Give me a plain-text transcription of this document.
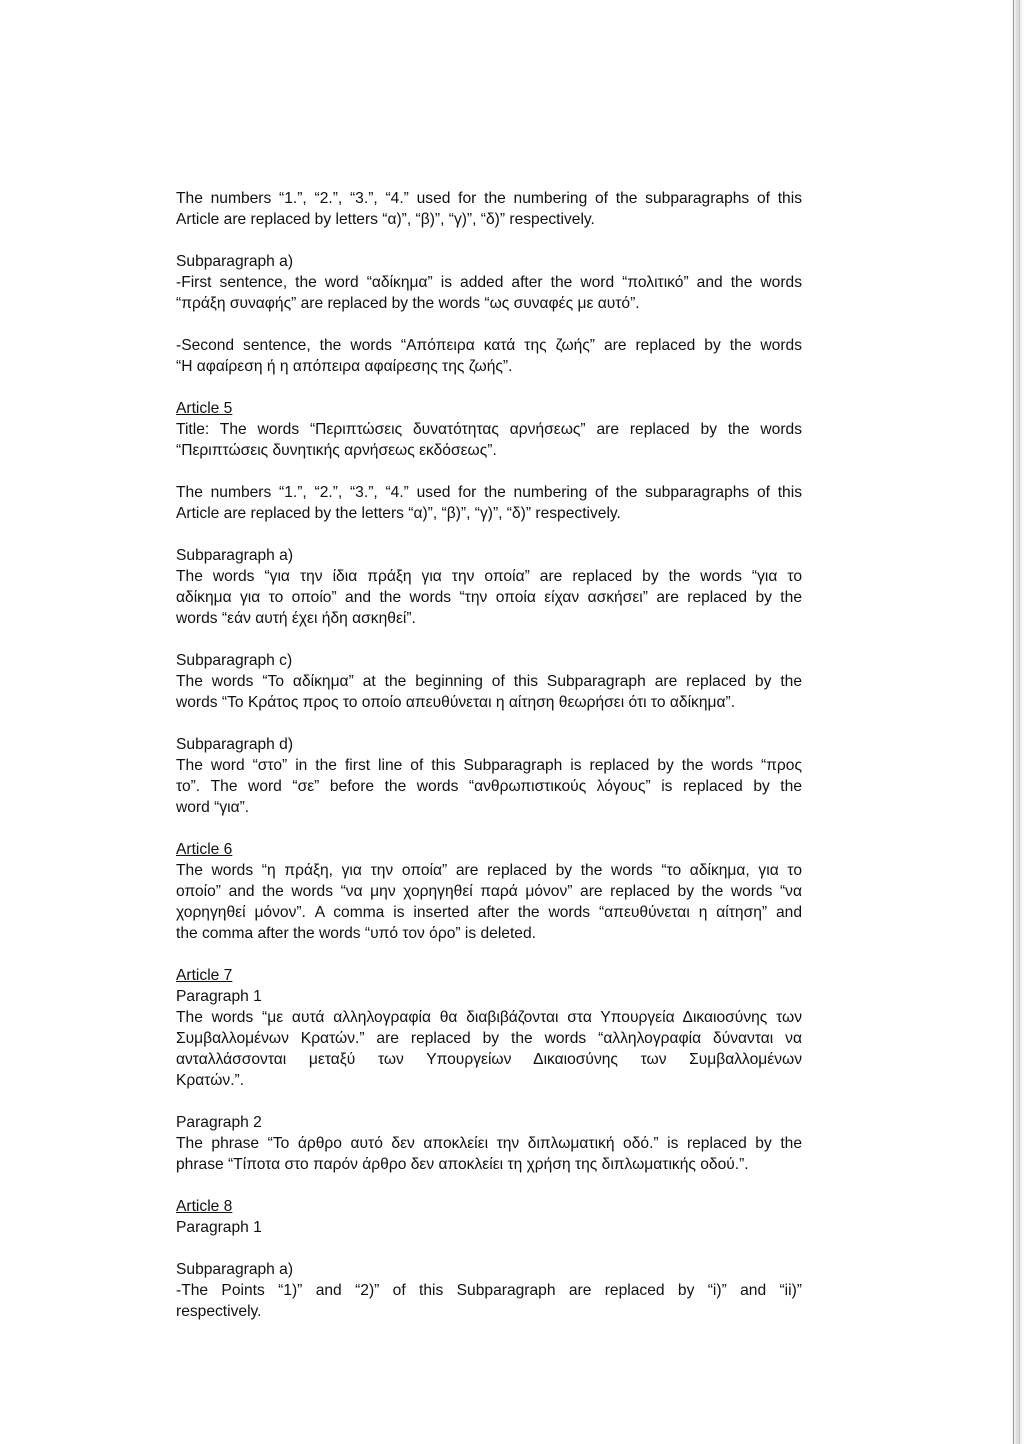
The numbers “1.”, “2.”, “3.”, “4.” used for the numbering of the subparagraphs of this
Article are replaced by letters “α)”, “β)”, “γ)”, “δ)” respectively.
Subparagraph a)
-First sentence, the word “αδίκημα” is added after the word “πολιτικό” and the words
“πράξη συναφής” are replaced by the words “ως συναφές με αυτό”.
-Second sentence, the words “Απόπειρα κατά της ζωής” are replaced by the words
“Η αφαίρεση ή η απόπειρα αφαίρεσης της ζωής”.
Article 5
Title: The words “Περιπτώσεις δυνατότητας αρνήσεως” are replaced by the words
“Περιπτώσεις δυνητικής αρνήσεως εκδόσεως”.
The numbers “1.”, “2.”, “3.”, “4.” used for the numbering of the subparagraphs of this
Article are replaced by the letters “α)”, “β)”, “γ)”, “δ)” respectively.
Subparagraph a)
The words “για την ίδια πράξη για την οποία” are replaced by the words “για το
αδίκημα για το οποίο” and the words “την οποία είχαν ασκήσει” are replaced by the
words “εάν αυτή έχει ήδη ασκηθεί”.
Subparagraph c)
The words “Το αδίκημα” at the beginning of this Subparagraph are replaced by the
words “Το Κράτος προς το οποίο απευθύνεται η αίτηση θεωρήσει ότι το αδίκημα”.
Subparagraph d)
The word “στο” in the first line of this Subparagraph is replaced by the words “προς
το”. The word “σε” before the words “ανθρωπιστικούς λόγους” is replaced by the
word “για”.
Article 6
The words “η πράξη, για την οποία” are replaced by the words “το αδίκημα, για το
οποίο” and the words “να μην χορηγηθεί παρά μόνον” are replaced by the words “να
χορηγηθεί μόνον”. A comma is inserted after the words “απευθύνεται η αίτηση” and
the comma after the words “υπό τον όρο” is deleted.
Article 7
Paragraph 1
The words “με αυτά αλληλογραφία θα διαβιβάζονται στα Υπουργεία Δικαιοσύνης των
Συμβαλλομένων Κρατών.” are replaced by the words “αλληλογραφία δύνανται να
ανταλλάσσονται μεταξύ των Υπουργείων Δικαιοσύνης των Συμβαλλομένων
Κρατών.”.
Paragraph 2
The phrase “Το άρθρο αυτό δεν αποκλείει την διπλωματική οδό.” is replaced by the
phrase “Τίποτα στο παρόν άρθρο δεν αποκλείει τη χρήση της διπλωματικής οδού.”.
Article 8
Paragraph 1
Subparagraph a)
-The Points “1)” and “2)” of this Subparagraph are replaced by “i)” and “ii)”
respectively.
